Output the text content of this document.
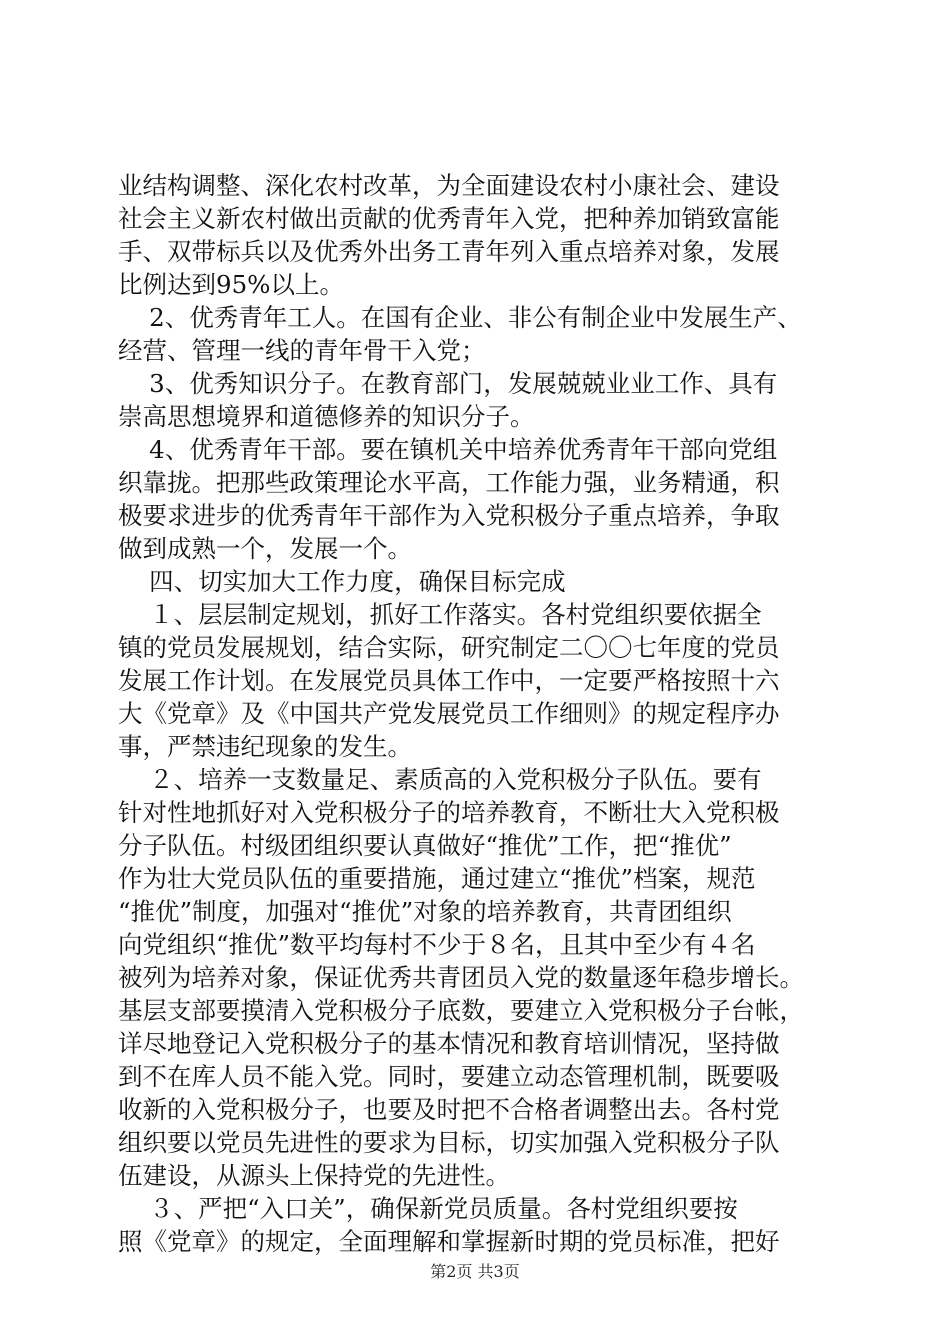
业结构调整、深化农村改革，为全面建设农村小康社会、建设

社会主义新农村做出贡献的优秀青年入党，把种养加销致富能

手、双带标兵以及优秀外出务工青年列入重点培养对象，发展

比例达到95%以上。

2、优秀青年工人。在国有企业、非公有制企业中发展生产、

经营、管理一线的青年骨干入党；

3、优秀知识分子。在教育部门，发展兢兢业业工作、具有

崇高思想境界和道德修养的知识分子。

4、优秀青年干部。要在镇机关中培养优秀青年干部向党组

织靠拢。把那些政策理论水平高，工作能力强，业务精通，积

极要求进步的优秀青年干部作为入党积极分子重点培养，争取

做到成熟一个，发展一个。

四、切实加大工作力度，确保目标完成

１、层层制定规划，抓好工作落实。各村党组织要依据全

镇的党员发展规划，结合实际，研究制定二〇〇七年度的党员

发展工作计划。在发展党员具体工作中，一定要严格按照十六

大《党章》及《中国共产党发展党员工作细则》的规定程序办

事，严禁违纪现象的发生。

２、培养一支数量足、素质高的入党积极分子队伍。要有

针对性地抓好对入党积极分子的培养教育，不断壮大入党积极

分子队伍。村级团组织要认真做好“推优”工作，把“推优”

作为壮大党员队伍的重要措施，通过建立“推优”档案，规范

“推优”制度，加强对“推优”对象的培养教育，共青团组织

向党组织“推优”数平均每村不少于８名，且其中至少有４名

被列为培养对象，保证优秀共青团员入党的数量逐年稳步增长。

基层支部要摸清入党积极分子底数，要建立入党积极分子台帐，

详尽地登记入党积极分子的基本情况和教育培训情况，坚持做

到不在库人员不能入党。同时，要建立动态管理机制，既要吸

收新的入党积极分子，也要及时把不合格者调整出去。各村党

组织要以党员先进性的要求为目标，切实加强入党积极分子队

伍建设，从源头上保持党的先进性。

３、严把“入口关”，确保新党员质量。各村党组织要按

照《党章》的规定，全面理解和掌握新时期的党员标准，把好

第2页 共3页
